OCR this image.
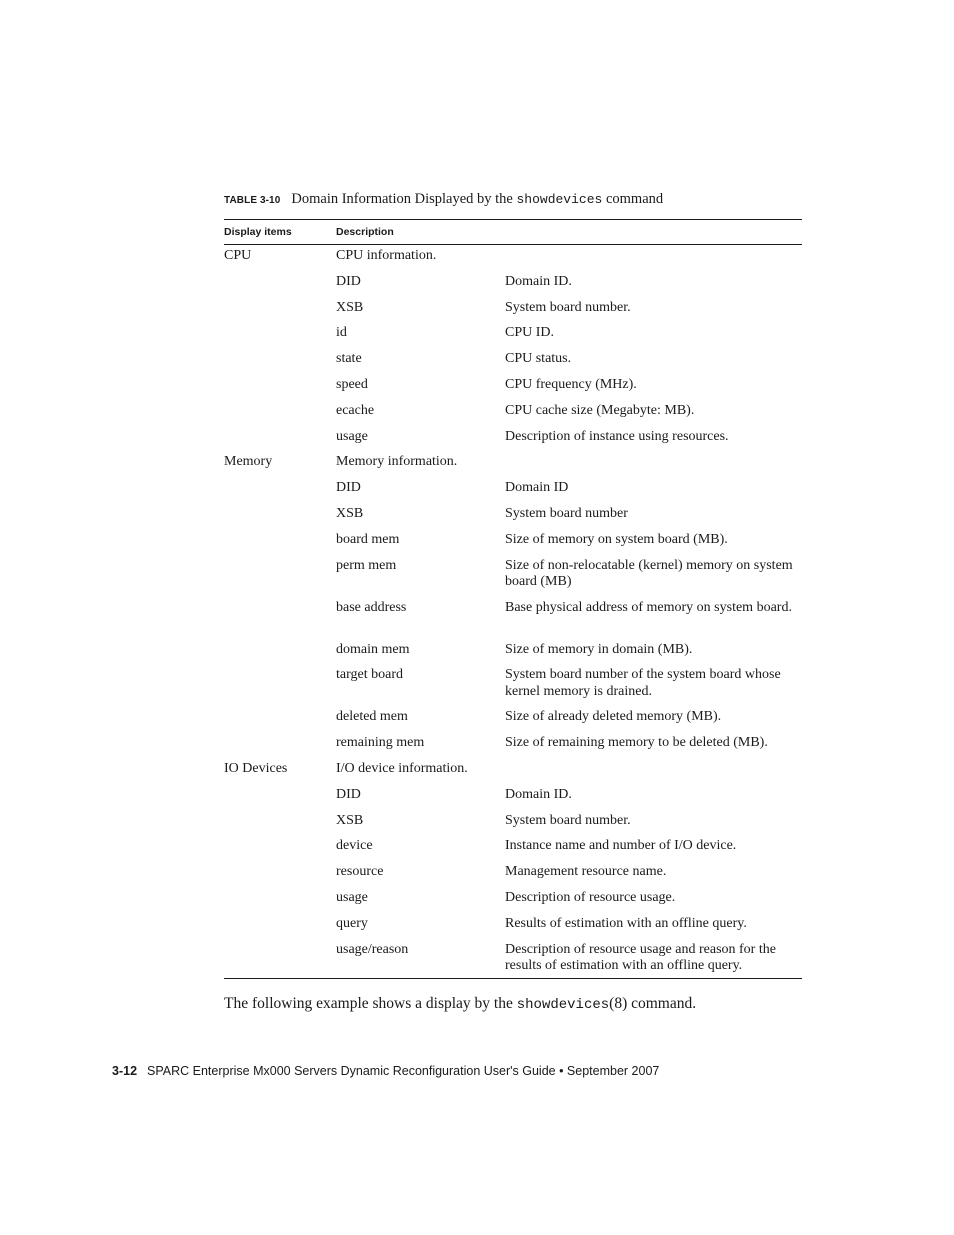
TABLE 3-10 Domain Information Displayed by the showdevices command
Display items	Description
CPU	CPU information.
DID	Domain ID.
XSB	System board number.
id	CPU ID.
state	CPU status.
speed	CPU frequency (MHz).
ecache	CPU cache size (Megabyte: MB).
usage	Description of instance using resources.
Memory	Memory information.
DID	Domain ID
XSB	System board number
board mem	Size of memory on system board (MB).
perm mem	Size of non-relocatable (kernel) memory on system board (MB)
base address	Base physical address of memory on system board.
domain mem	Size of memory in domain (MB).
target board	System board number of the system board whose kernel memory is drained.
deleted mem	Size of already deleted memory (MB).
remaining mem	Size of remaining memory to be deleted (MB).
IO Devices	I/O device information.
DID	Domain ID.
XSB	System board number.
device	Instance name and number of I/O device.
resource	Management resource name.
usage	Description of resource usage.
query	Results of estimation with an offline query.
usage/reason	Description of resource usage and reason for the results of estimation with an offline query.
The following example shows a display by the showdevices(8) command.
3-12 SPARC Enterprise Mx000 Servers Dynamic Reconfiguration User's Guide • September 2007
